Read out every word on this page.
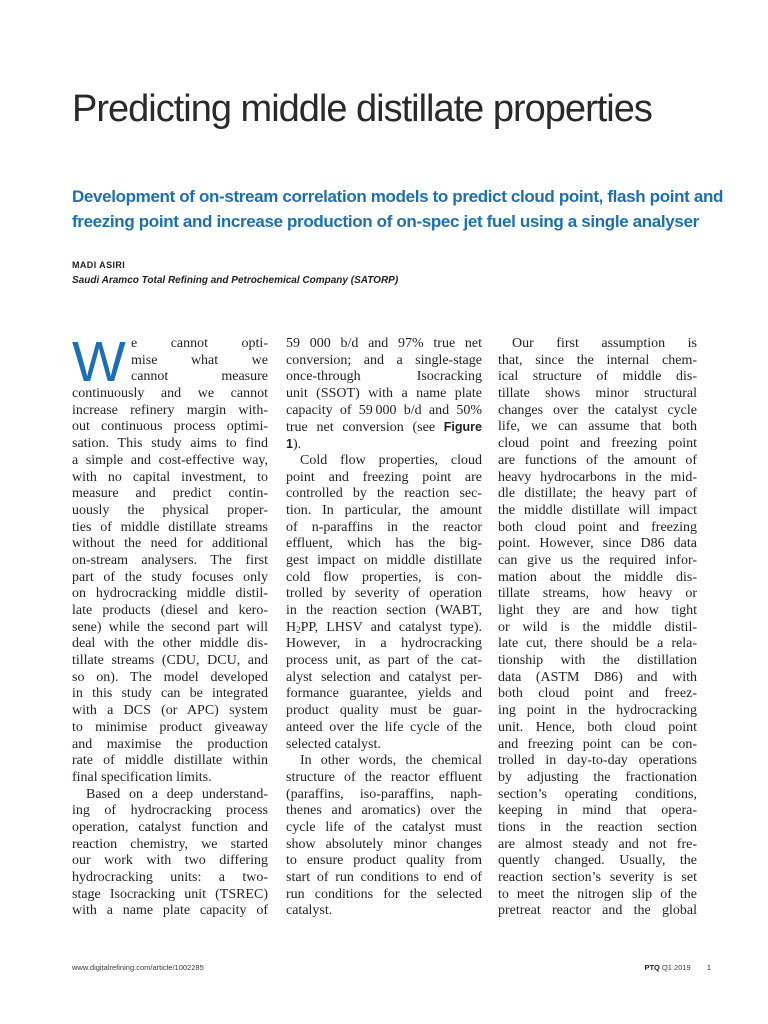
Predicting middle distillate properties
Development of on-stream correlation models to predict cloud point, flash point and
freezing point and increase production of on-spec jet fuel using a single analyser
MADI ASIRI
Saudi Aramco Total Refining and Petrochemical Company (SATORP)
W e cannot opti-
mise what we
cannot measure
continuously and we cannot
increase refinery margin with-
out continuous process optimi-
sation. This study aims to find
a simple and cost-effective way,
with no capital investment, to
measure and predict contin-
uously the physical proper-
ties of middle distillate streams
without the need for additional
on-stream analysers. The first
part of the study focuses only
on hydrocracking middle distil-
late products (diesel and kero-
sene) while the second part will
deal with the other middle dis-
tillate streams (CDU, DCU, and
so on). The model developed
in this study can be integrated
with a DCS (or APC) system
to minimise product giveaway
and maximise the production
rate of middle distillate within
final specification limits.
Based on a deep understand-
ing of hydrocracking process
operation, catalyst function and
reaction chemistry, we started
our work with two differing
hydrocracking units: a two-
stage Isocracking unit (TSREC)
with a name plate capacity of
59 000 b/d and 97% true net
conversion; and a single-stage
once-through Isocracking
unit (SSOT) with a name plate
capacity of 59 000 b/d and 50%
true net conversion (see Figure
1).
Cold flow properties, cloud
point and freezing point are
controlled by the reaction sec-
tion. In particular, the amount
of n-paraffins in the reactor
effluent, which has the big-
gest impact on middle distillate
cold flow properties, is con-
trolled by severity of operation
in the reaction section (WABT,
$H_2PP$, LHSV and catalyst type).
However, in a hydrocracking
process unit, as part of the cat-
alyst selection and catalyst per-
formance guarantee, yields and
product quality must be guar-
anteed over the life cycle of the
selected catalyst.
In other words, the chemical
structure of the reactor effluent
(paraffins, iso-paraffins, naph-
thenes and aromatics) over the
cycle life of the catalyst must
show absolutely minor changes
to ensure product quality from
start of run conditions to end of
run conditions for the selected
catalyst.
Our first assumption is
that, since the internal chem-
ical structure of middle dis-
tillate shows minor structural
changes over the catalyst cycle
life, we can assume that both
cloud point and freezing point
are functions of the amount of
heavy hydrocarbons in the mid-
dle distillate; the heavy part of
the middle distillate will impact
both cloud point and freezing
point. However, since D86 data
can give us the required infor-
mation about the middle dis-
tillate streams, how heavy or
light they are and how tight
or wild is the middle distil-
late cut, there should be a rela-
tionship with the distillation
data (ASTM D86) and with
both cloud point and freez-
ing point in the hydrocracking
unit. Hence, both cloud point
and freezing point can be con-
trolled in day-to-day operations
by adjusting the fractionation
section’s operating conditions,
keeping in mind that opera-
tions in the reaction section
are almost steady and not fre-
quently changed. Usually, the
reaction section’s severity is set
to meet the nitrogen slip of the
pretreat reactor and the global
www.digitalrefining.com/article/1002285	PTQ Q1 2019 1
